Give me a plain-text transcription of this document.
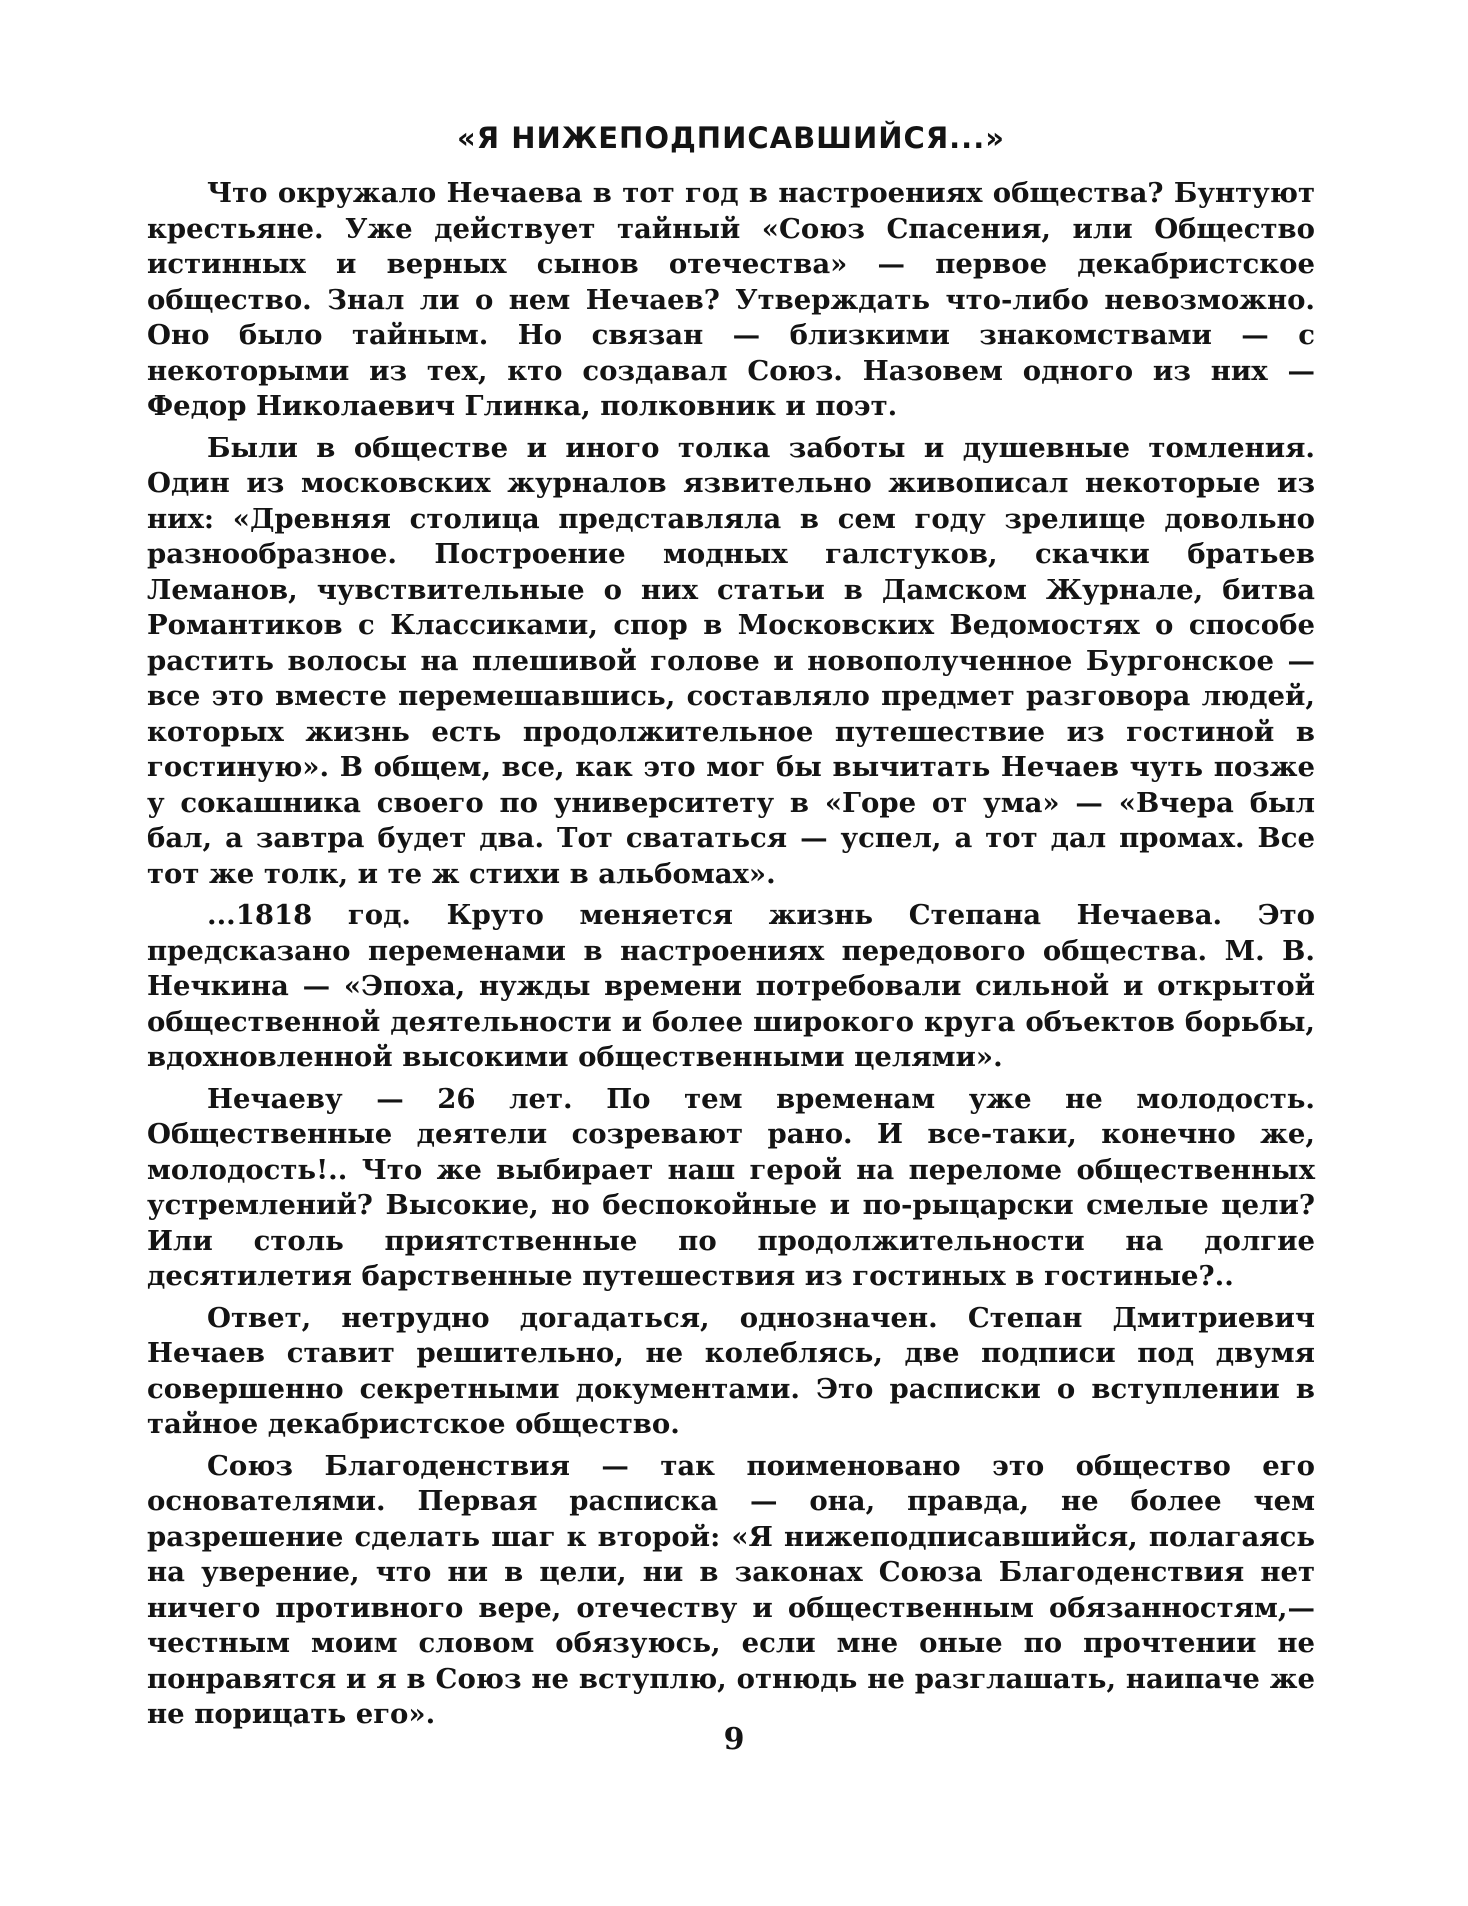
«Я НИЖЕПОДПИСАВШИЙСЯ...»

Что окружало Нечаева в тот год в настроениях общества? Бунтуют крестьяне. Уже действует тайный «Союз Спасения, или Общество истинных и верных сынов отечества» — первое декабристское общество. Знал ли о нем Нечаев? Утверждать что-либо невозможно. Оно было тайным. Но связан — близкими знакомствами — с некоторыми из тех, кто создавал Союз. Назовем одного из них — Федор Николаевич Глинка, полковник и поэт.

Были в обществе и иного толка заботы и душевные томления. Один из московских журналов язвительно живописал некоторые из них: «Древняя столица представляла в сем году зрелище довольно разнообразное. Построение модных галстуков, скачки братьев Леманов, чувствительные о них статьи в Дамском Журнале, битва Романтиков с Классиками, спор в Московских Ведомостях о способе растить волосы на плешивой голове и новополученное Бургонское — все это вместе перемешавшись, составляло предмет разговора людей, которых жизнь есть продолжительное путешествие из гостиной в гостиную». В общем, все, как это мог бы вычитать Нечаев чуть позже у сокашника своего по университету в «Горе от ума» — «Вчера был бал, а завтра будет два. Тот свататься — успел, а тот дал промах. Все тот же толк, и те ж стихи в альбомах».

...1818 год. Круто меняется жизнь Степана Нечаева. Это предсказано переменами в настроениях передового общества. М. В. Нечкина — «Эпоха, нужды времени потребовали сильной и открытой общественной деятельности и более широкого круга объектов борьбы, вдохновленной высокими общественными целями».

Нечаеву — 26 лет. По тем временам уже не молодость. Общественные деятели созревают рано. И все-таки, конечно же, молодость!.. Что же выбирает наш герой на переломе общественных устремлений? Высокие, но беспокойные и по-рыцарски смелые цели? Или столь приятственные по продолжительности на долгие десятилетия барственные путешествия из гостиных в гостиные?..

Ответ, нетрудно догадаться, однозначен. Степан Дмитриевич Нечаев ставит решительно, не колеблясь, две подписи под двумя совершенно секретными документами. Это расписки о вступлении в тайное декабристское общество.

Союз Благоденствия — так поименовано это общество его основателями. Первая расписка — она, правда, не более чем разрешение сделать шаг к второй: «Я нижеподписавшийся, полагаясь на уверение, что ни в цели, ни в законах Союза Благоденствия нет ничего противного вере, отечеству и общественным обязанностям,— честным моим словом обязуюсь, если мне оные по прочтении не понравятся и я в Союз не вступлю, отнюдь не разглашать, наипаче же не порицать его».

9
